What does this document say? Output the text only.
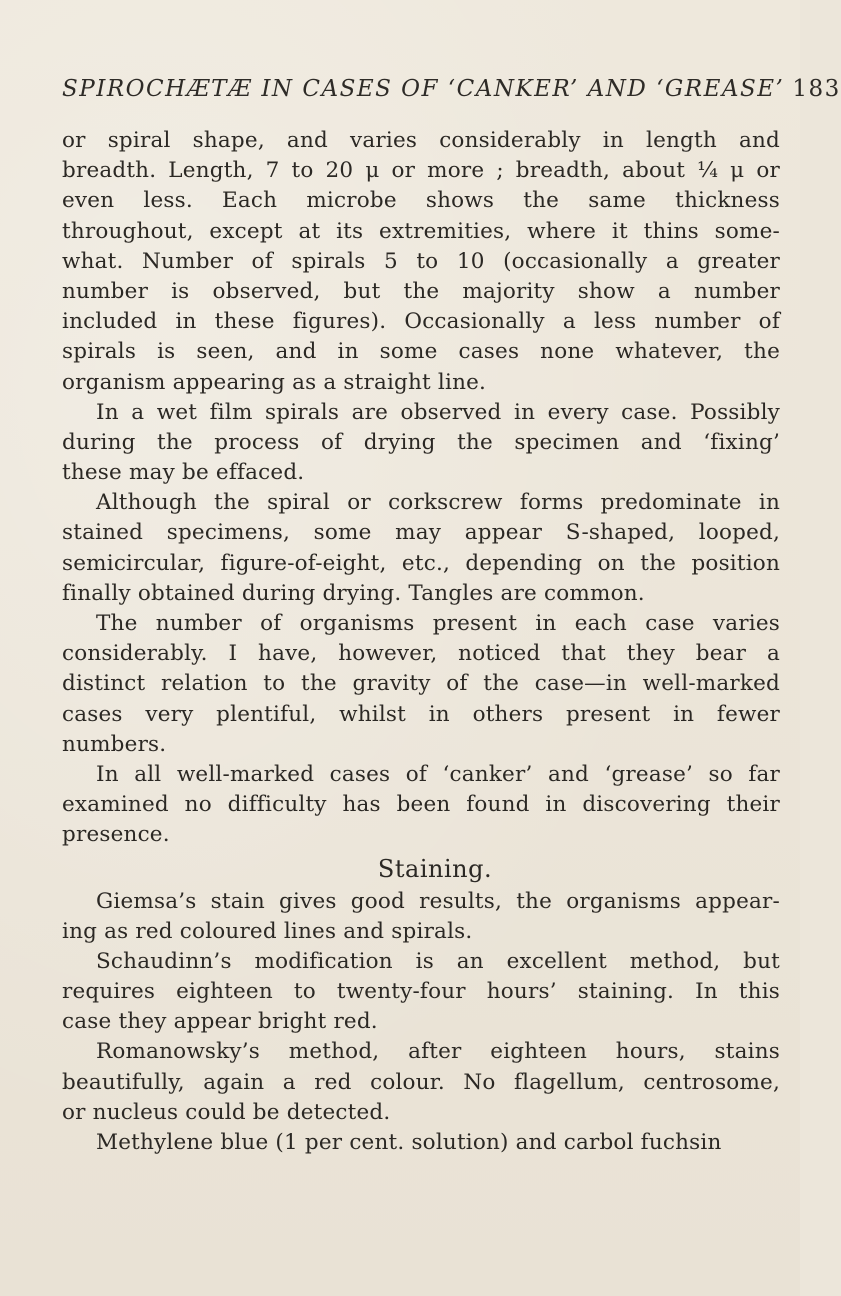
SPIROCHÆTÆ IN CASES OF ‘CANKER’ AND ‘GREASE’ 183
or spiral shape, and varies considerably in length and
breadth. Length, 7 to 20 μ or more ; breadth, about ¼ μ or
even less. Each microbe shows the same thickness
throughout, except at its extremities, where it thins some-
what. Number of spirals 5 to 10 (occasionally a greater
number is observed, but the majority show a number
included in these figures). Occasionally a less number of
spirals is seen, and in some cases none whatever, the
organism appearing as a straight line.
In a wet film spirals are observed in every case. Possibly
during the process of drying the specimen and ‘fixing’
these may be effaced.
Although the spiral or corkscrew forms predominate in
stained specimens, some may appear S-shaped, looped,
semicircular, figure-of-eight, etc., depending on the position
finally obtained during drying. Tangles are common.
The number of organisms present in each case varies
considerably. I have, however, noticed that they bear a
distinct relation to the gravity of the case—in well-marked
cases very plentiful, whilst in others present in fewer
numbers.
In all well-marked cases of ‘canker’ and ‘grease’ so far
examined no difficulty has been found in discovering their
presence.
Staining.
Giemsa’s stain gives good results, the organisms appear-
ing as red coloured lines and spirals.
Schaudinn’s modification is an excellent method, but
requires eighteen to twenty-four hours’ staining. In this
case they appear bright red.
Romanowsky’s method, after eighteen hours, stains
beautifully, again a red colour. No flagellum, centrosome,
or nucleus could be detected.
Methylene blue (1 per cent. solution) and carbol fuchsin
